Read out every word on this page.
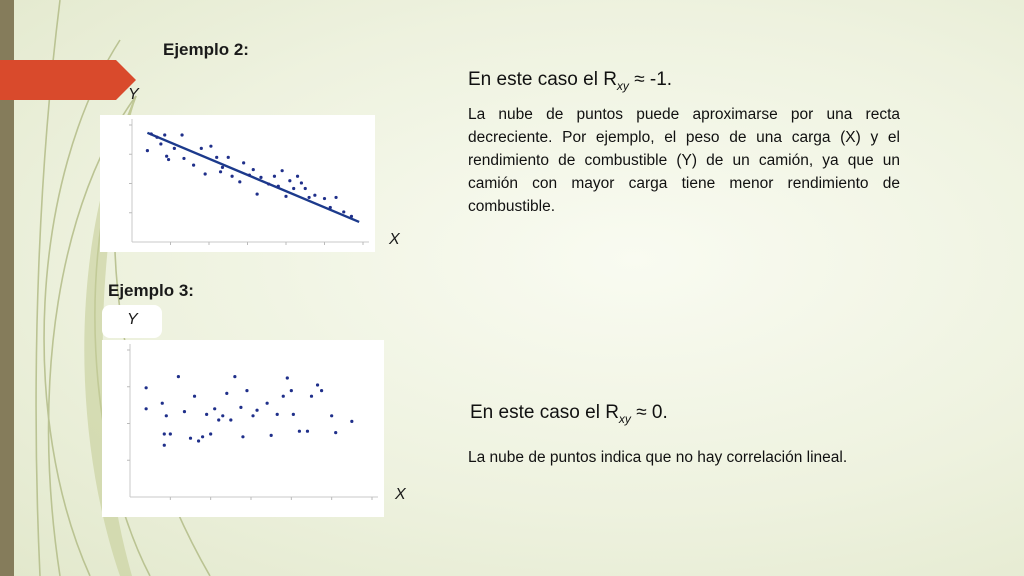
Ejemplo 2:
Y
X
En este caso el $R_{xy} \approx -1$.
La nube de puntos puede aproximarse por una recta decreciente. Por ejemplo, el peso de una carga (X) y el rendimiento de combustible (Y) de un camión, ya que un camión con mayor carga tiene menor rendimiento de combustible.
Ejemplo 3:
Y
X
En este caso el $R_{xy} \approx 0$.
La nube de puntos indica que no hay correlación lineal.
